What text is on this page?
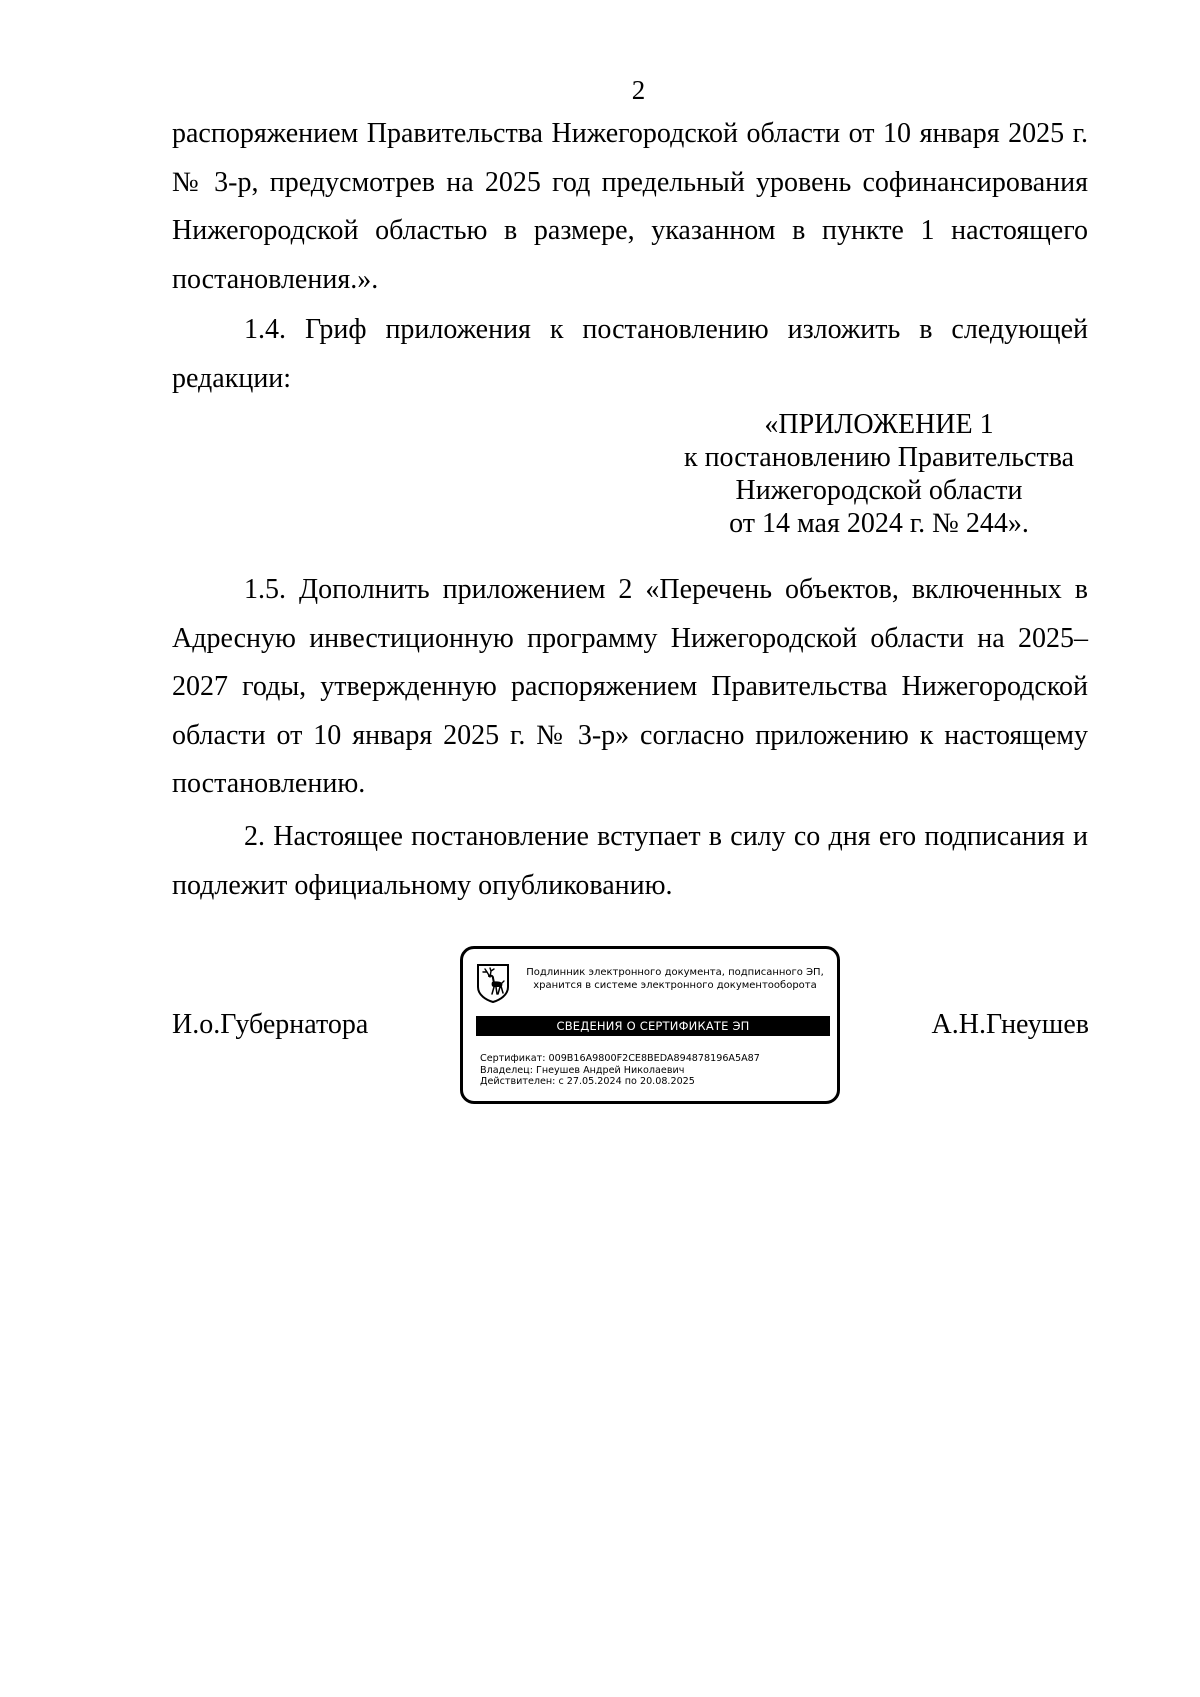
2

распоряжением Правительства Нижегородской области от 10 января 2025 г. № 3-р, предусмотрев на 2025 год предельный уровень софинансирования Нижегородской областью в размере, указанном в пункте 1 настоящего постановления.».

1.4. Гриф приложения к постановлению изложить в следующей редакции:

«ПРИЛОЖЕНИЕ 1
к постановлению Правительства
Нижегородской области
от 14 мая 2024 г. № 244».

1.5. Дополнить приложением 2 «Перечень объектов, включенных в Адресную инвестиционную программу Нижегородской области на 2025–2027 годы, утвержденную распоряжением Правительства Нижегородской области от 10 января 2025 г. № 3-р» согласно приложению к настоящему постановлению.

2. Настоящее постановление вступает в силу со дня его подписания и подлежит официальному опубликованию.

И.о.Губернатора
Подлинник электронного документа, подписанного ЭП,
хранится в системе электронного документооборота
СВЕДЕНИЯ О СЕРТИФИКАТЕ ЭП
Сертификат: 009B16A9800F2CE8BEDA894878196A5A87
Владелец: Гнеушев Андрей Николаевич
Действителен: с 27.05.2024 по 20.08.2025
А.Н.Гнеушев
